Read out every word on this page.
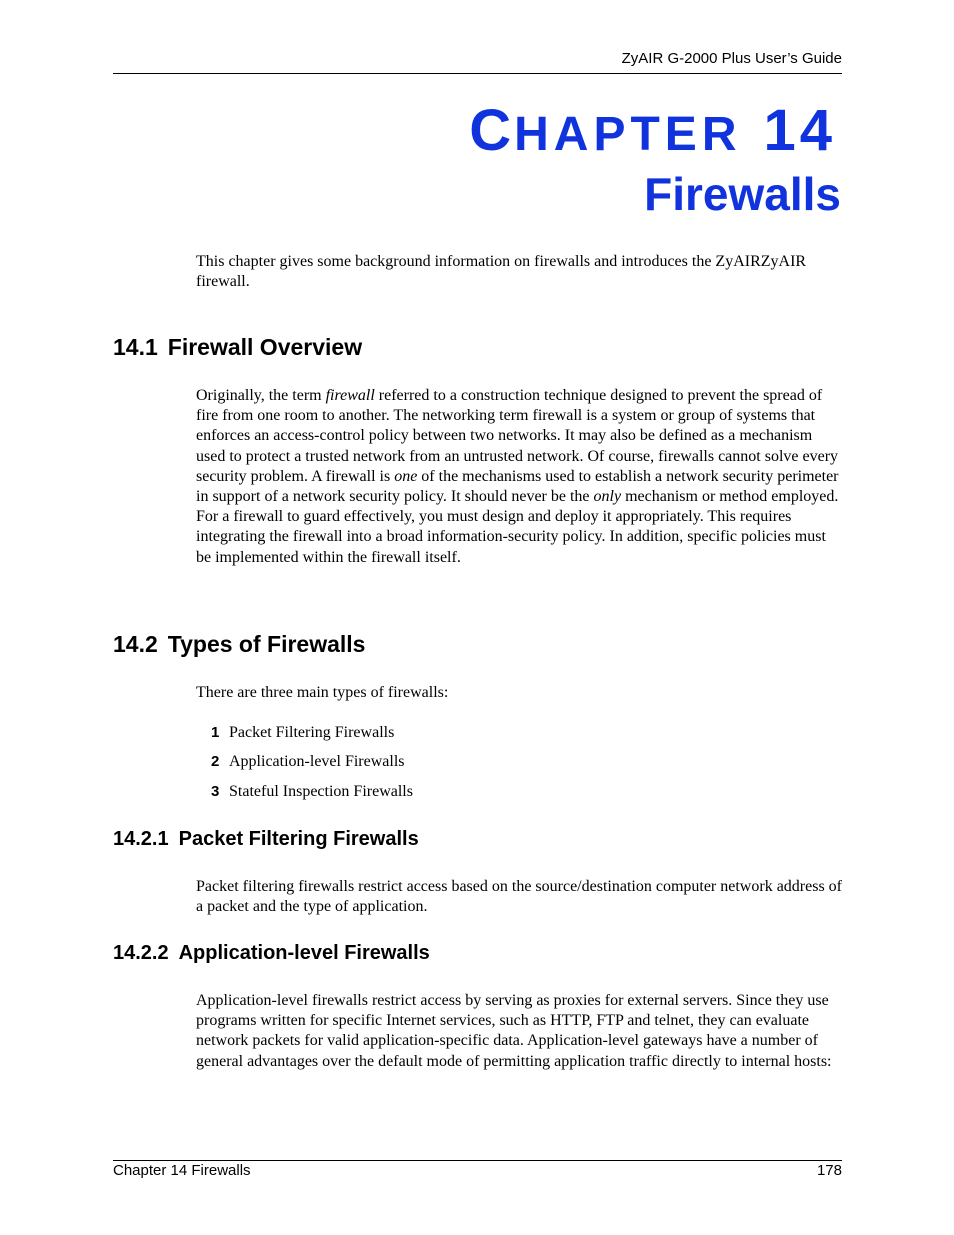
ZyAIR G-2000 Plus User’s Guide
CHAPTER 14
Firewalls

This chapter gives some background information on firewalls and introduces the ZyAIRZyAIR firewall.

14.1 Firewall Overview

Originally, the term firewall referred to a construction technique designed to prevent the spread of fire from one room to another. The networking term firewall is a system or group of systems that enforces an access-control policy between two networks. It may also be defined as a mechanism used to protect a trusted network from an untrusted network. Of course, firewalls cannot solve every security problem. A firewall is one of the mechanisms used to establish a network security perimeter in support of a network security policy. It should never be the only mechanism or method employed. For a firewall to guard effectively, you must design and deploy it appropriately. This requires integrating the firewall into a broad information-security policy. In addition, specific policies must be implemented within the firewall itself.

14.2 Types of Firewalls

There are three main types of firewalls:

1 Packet Filtering Firewalls
2 Application-level Firewalls
3 Stateful Inspection Firewalls
14.2.1 Packet Filtering Firewalls

Packet filtering firewalls restrict access based on the source/destination computer network address of a packet and the type of application.

14.2.2 Application-level Firewalls

Application-level firewalls restrict access by serving as proxies for external servers. Since they use programs written for specific Internet services, such as HTTP, FTP and telnet, they can evaluate network packets for valid application-specific data. Application-level gateways have a number of general advantages over the default mode of permitting application traffic directly to internal hosts:

Chapter 14 Firewalls	178
